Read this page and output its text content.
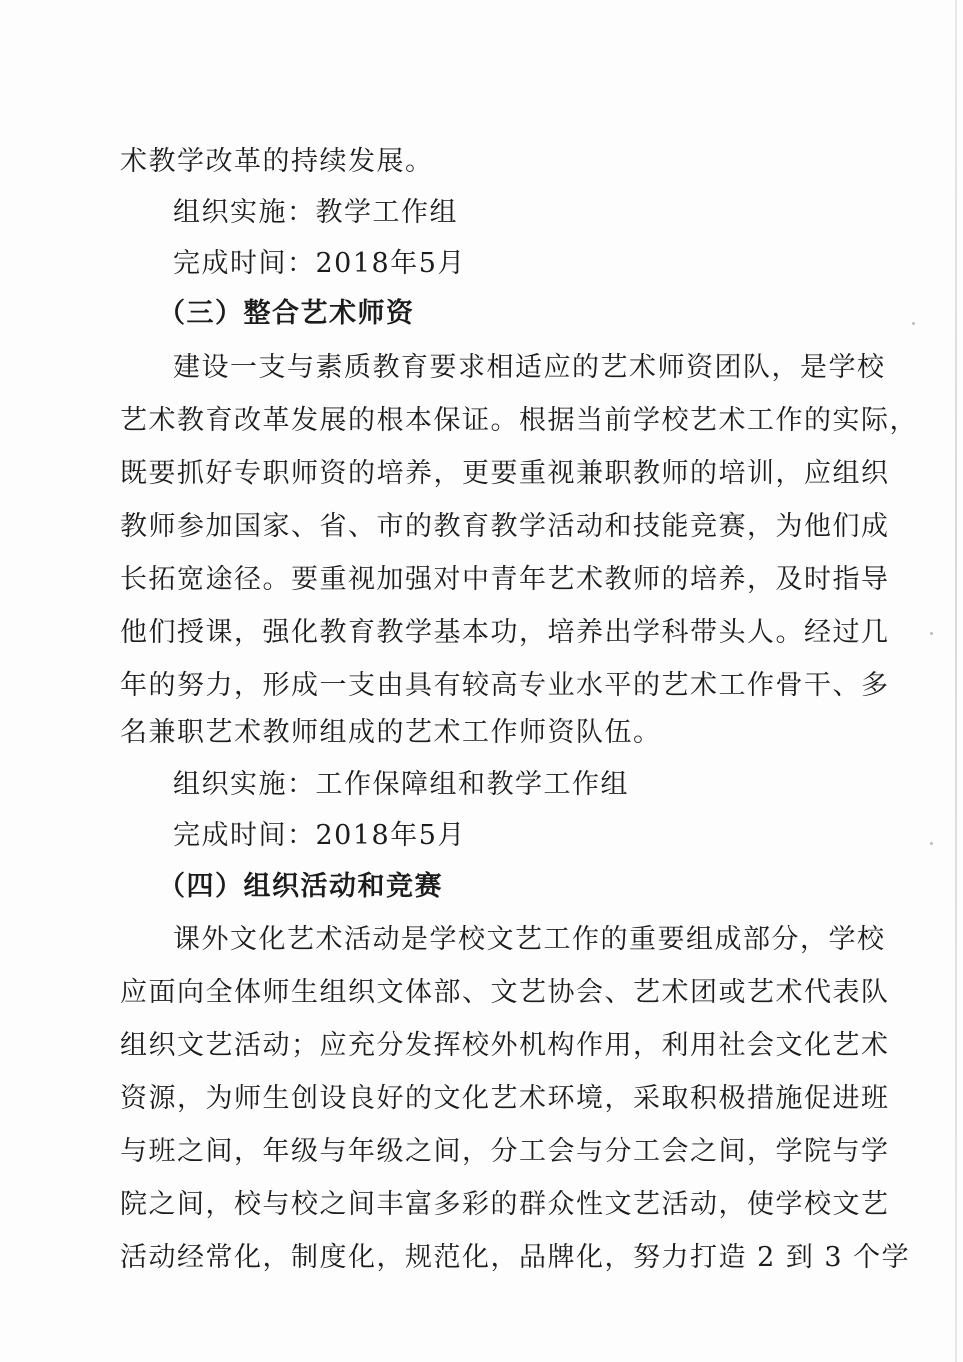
术教学改革的持续发展。
组织实施：教学工作组
完成时间：2018年5月
（三）整合艺术师资
建设一支与素质教育要求相适应的艺术师资团队，是学校
艺术教育改革发展的根本保证。根据当前学校艺术工作的实际，
既要抓好专职师资的培养，更要重视兼职教师的培训，应组织
教师参加国家、省、市的教育教学活动和技能竞赛，为他们成
长拓宽途径。要重视加强对中青年艺术教师的培养，及时指导
他们授课，强化教育教学基本功，培养出学科带头人。经过几
年的努力，形成一支由具有较高专业水平的艺术工作骨干、多
名兼职艺术教师组成的艺术工作师资队伍。
组织实施：工作保障组和教学工作组
完成时间：2018年5月
（四）组织活动和竞赛
课外文化艺术活动是学校文艺工作的重要组成部分，学校
应面向全体师生组织文体部、文艺协会、艺术团或艺术代表队
组织文艺活动；应充分发挥校外机构作用，利用社会文化艺术
资源，为师生创设良好的文化艺术环境，采取积极措施促进班
与班之间，年级与年级之间，分工会与分工会之间，学院与学
院之间，校与校之间丰富多彩的群众性文艺活动，使学校文艺
活动经常化，制度化，规范化，品牌化，努力打造 2 到 3 个学
